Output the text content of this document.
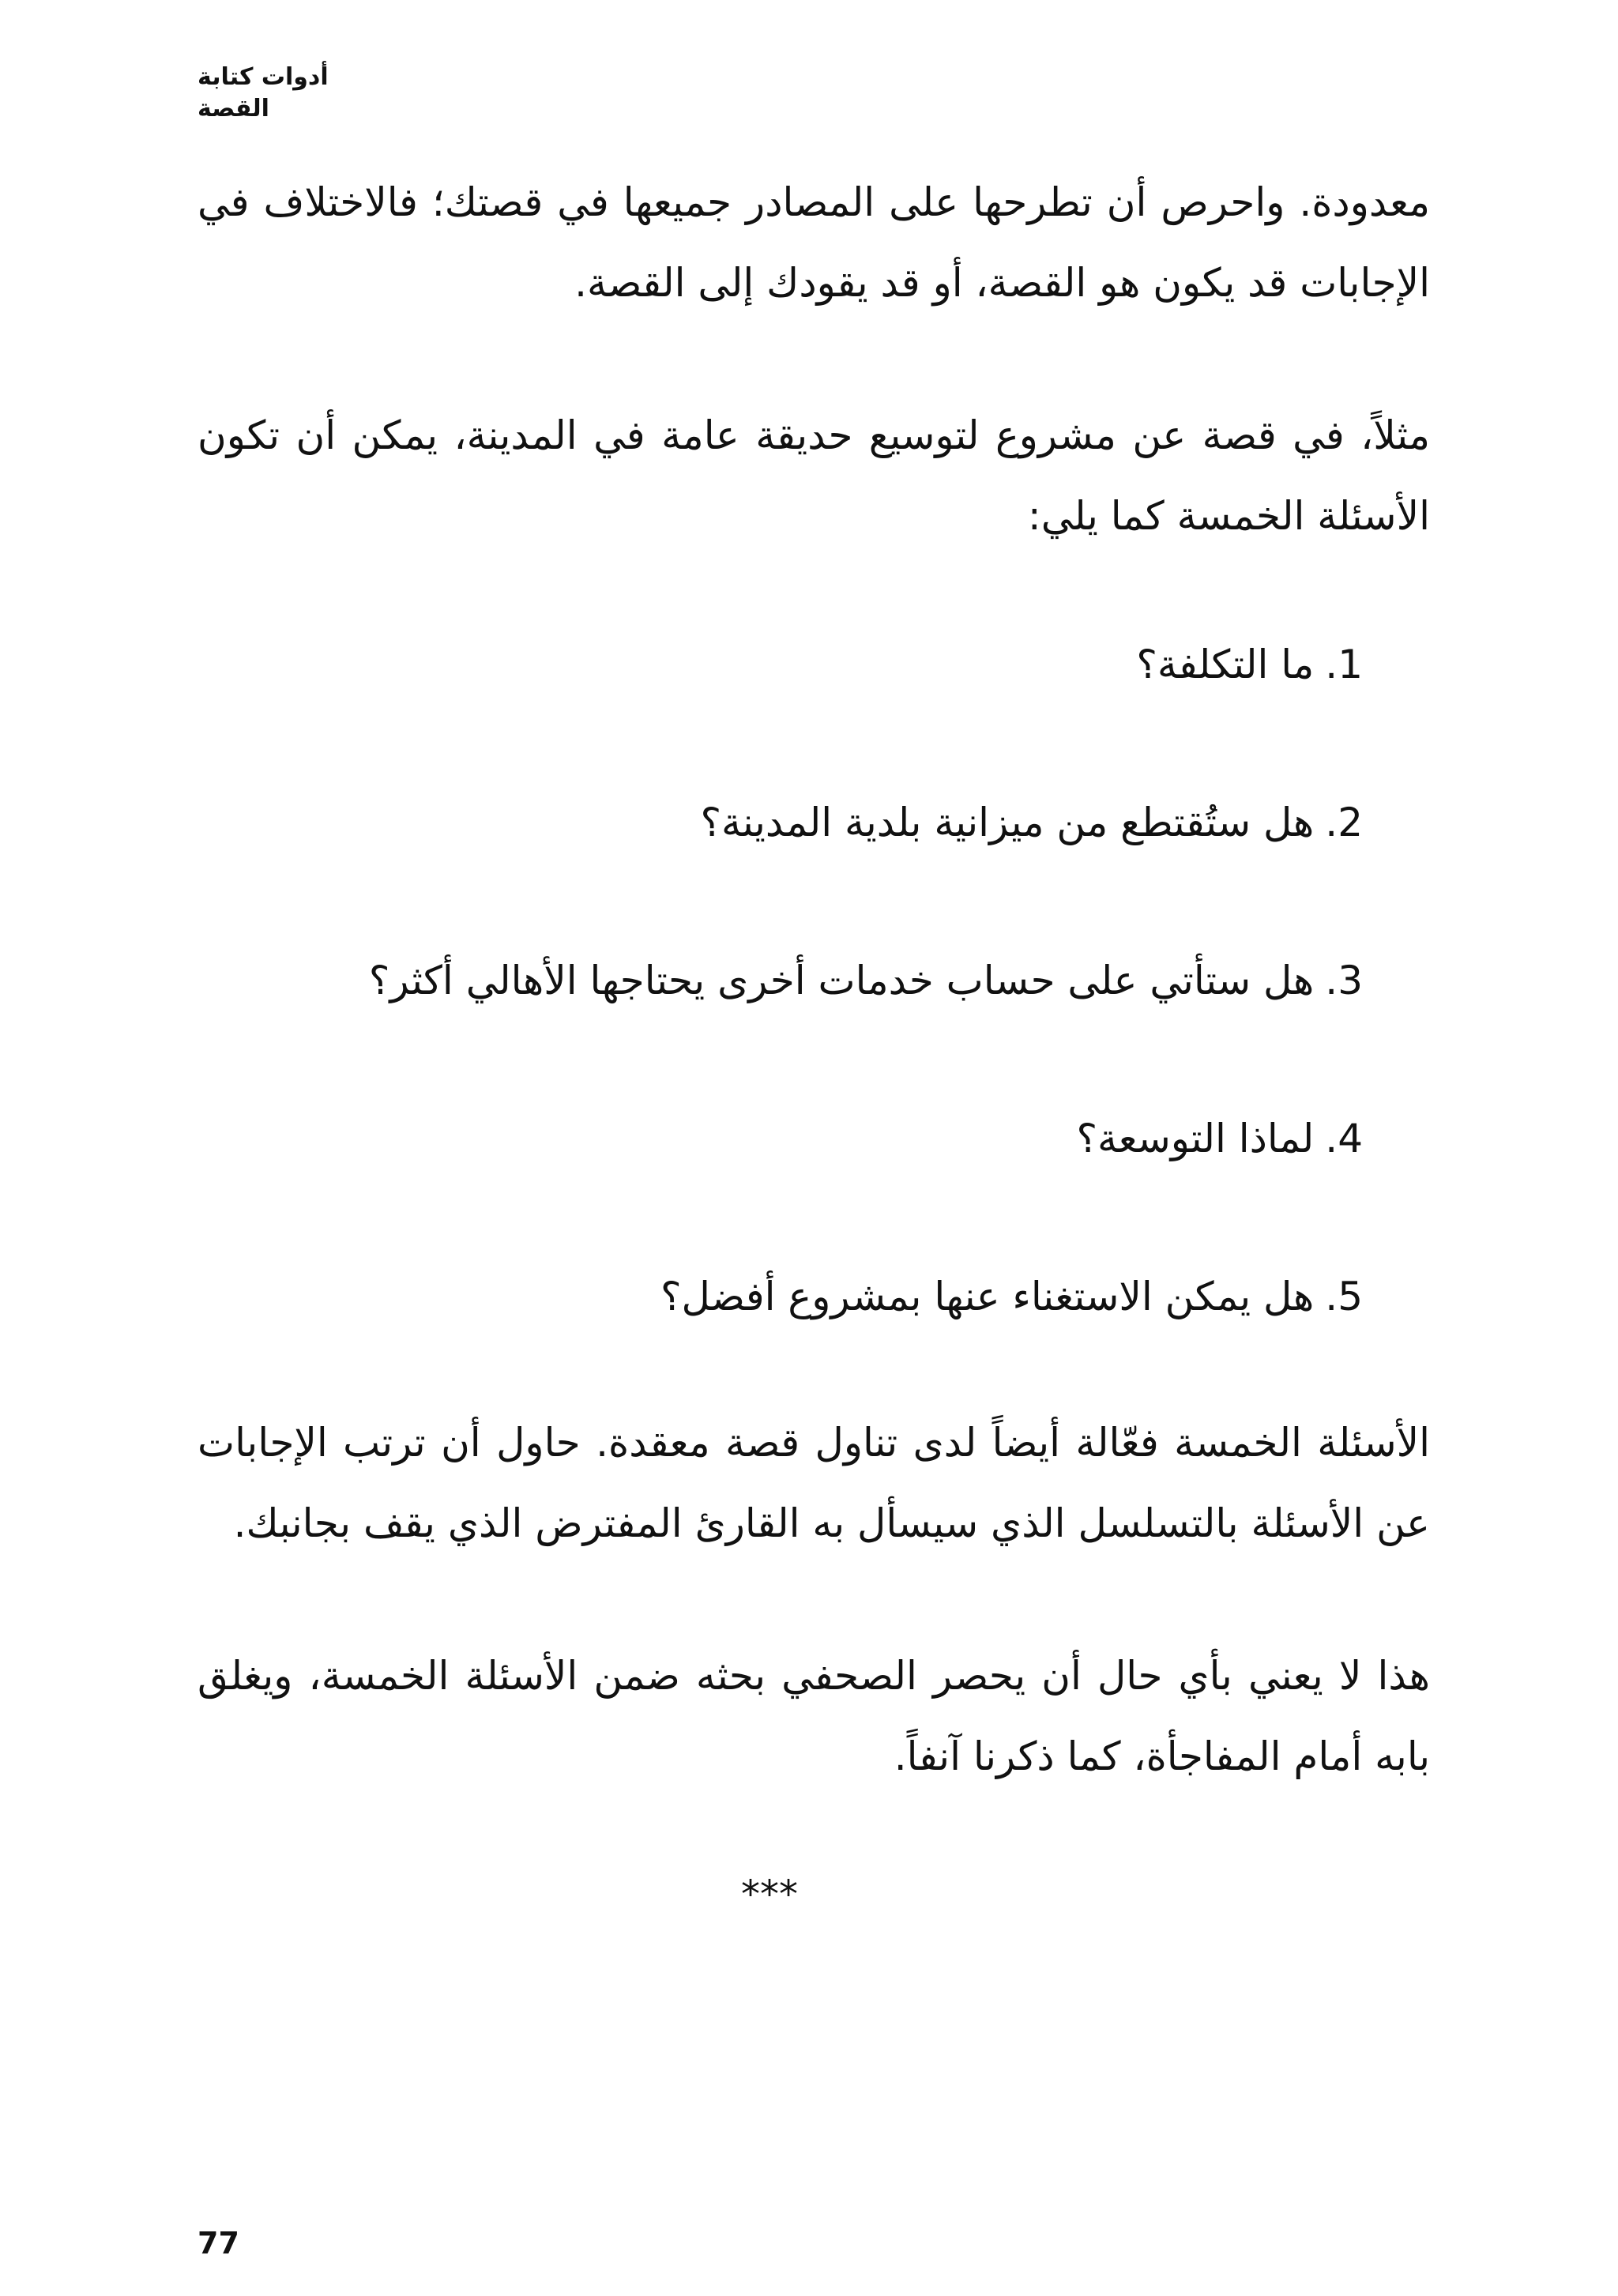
أدوات كتابة القصة

معدودة. واحرص أن تطرحها على المصادر جميعها في قصتك؛ فالاختلاف في الإجابات قد يكون هو القصة، أو قد يقودك إلى القصة.

مثلاً، في قصة عن مشروع لتوسيع حديقة عامة في المدينة، يمكن أن تكون الأسئلة الخمسة كما يلي:

1.
ما التكلفة؟
2.
هل ستُقتطع من ميزانية بلدية المدينة؟
3.
هل ستأتي على حساب خدمات أخرى يحتاجها الأهالي أكثر؟
4.
لماذا التوسعة؟
5.
هل يمكن الاستغناء عنها بمشروع أفضل؟

الأسئلة الخمسة فعّالة أيضاً لدى تناول قصة معقدة. حاول أن ترتب الإجابات عن الأسئلة بالتسلسل الذي سيسأل به القارئ المفترض الذي يقف بجانبك.

هذا لا يعني بأي حال أن يحصر الصحفي بحثه ضمن الأسئلة الخمسة، ويغلق بابه أمام المفاجأة، كما ذكرنا آنفاً.

***
77
